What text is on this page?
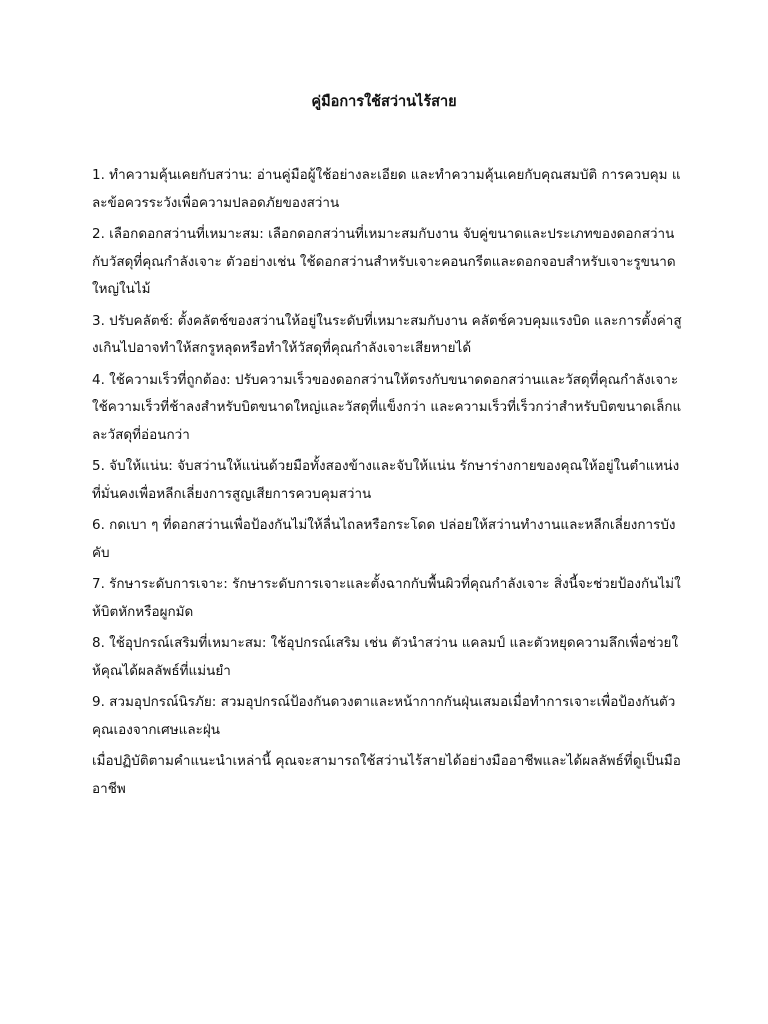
คู่มือการใช้สว่านไร้สาย

1. ทำความคุ้นเคยกับสว่าน: อ่านคู่มือผู้ใช้อย่างละเอียด และทำความคุ้นเคยกับคุณสมบัติ การควบคุม และข้อควรระวังเพื่อความปลอดภัยของสว่าน

2. เลือกดอกสว่านที่เหมาะสม: เลือกดอกสว่านที่เหมาะสมกับงาน จับคู่ขนาดและประเภทของดอกสว่านกับวัสดุที่คุณกำลังเจาะ ตัวอย่างเช่น ใช้ดอกสว่านสำหรับเจาะคอนกรีตและดอกจอบสำหรับเจาะรูขนาดใหญ่ในไม้

3. ปรับคลัตช์: ตั้งคลัตช์ของสว่านให้อยู่ในระดับที่เหมาะสมกับงาน คลัตช์ควบคุมแรงบิด และการตั้งค่าสูงเกินไปอาจทำให้สกรูหลุดหรือทำให้วัสดุที่คุณกำลังเจาะเสียหายได้

4. ใช้ความเร็วที่ถูกต้อง: ปรับความเร็วของดอกสว่านให้ตรงกับขนาดดอกสว่านและวัสดุที่คุณกำลังเจาะ ใช้ความเร็วที่ช้าลงสำหรับบิตขนาดใหญ่และวัสดุที่แข็งกว่า และความเร็วที่เร็วกว่าสำหรับบิตขนาดเล็กและวัสดุที่อ่อนกว่า

5. จับให้แน่น: จับสว่านให้แน่นด้วยมือทั้งสองข้างและจับให้แน่น รักษาร่างกายของคุณให้อยู่ในตำแหน่งที่มั่นคงเพื่อหลีกเลี่ยงการสูญเสียการควบคุมสว่าน

6. กดเบา ๆ ที่ดอกสว่านเพื่อป้องกันไม่ให้ลื่นไถลหรือกระโดด ปล่อยให้สว่านทำงานและหลีกเลี่ยงการบังคับ

7. รักษาระดับการเจาะ: รักษาระดับการเจาะและตั้งฉากกับพื้นผิวที่คุณกำลังเจาะ สิ่งนี้จะช่วยป้องกันไม่ให้บิตหักหรือผูกมัด

8. ใช้อุปกรณ์เสริมที่เหมาะสม: ใช้อุปกรณ์เสริม เช่น ตัวนำสว่าน แคลมป์ และตัวหยุดความลึกเพื่อช่วยให้คุณได้ผลลัพธ์ที่แม่นยำ

9. สวมอุปกรณ์นิรภัย: สวมอุปกรณ์ป้องกันดวงตาและหน้ากากกันฝุ่นเสมอเมื่อทำการเจาะเพื่อป้องกันตัวคุณเองจากเศษและฝุ่น

เมื่อปฏิบัติตามคำแนะนำเหล่านี้ คุณจะสามารถใช้สว่านไร้สายได้อย่างมืออาชีพและได้ผลลัพธ์ที่ดูเป็นมืออาชีพ
